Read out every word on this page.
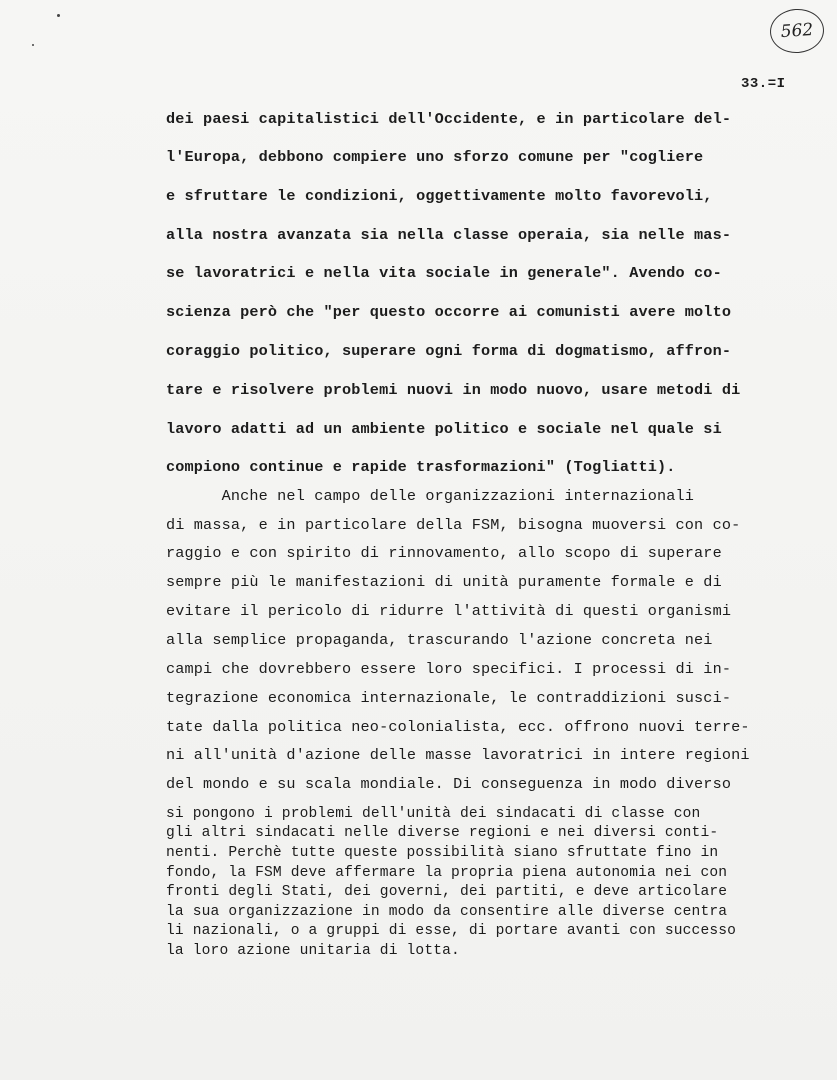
562
33.=I
dei paesi capitalistici dell'Occidente, e in particolare del-
l'Europa, debbono compiere uno sforzo comune per "cogliere
e sfruttare le condizioni, oggettivamente molto favorevoli,
alla nostra avanzata sia nella classe operaia, sia nelle mas-
se lavoratrici e nella vita sociale in generale". Avendo co-
scienza però che "per questo occorre ai comunisti avere molto
coraggio politico, superare ogni forma di dogmatismo, affron-
tare e risolvere problemi nuovi in modo nuovo, usare metodi di
lavoro adatti ad un ambiente politico e sociale nel quale si
compiono continue e rapide trasformazioni" (Togliatti).
Anche nel campo delle organizzazioni internazionali
di massa, e in particolare della FSM, bisogna muoversi con co-
raggio e con spirito di rinnovamento, allo scopo di superare
sempre più le manifestazioni di unità puramente formale e di
evitare il pericolo di ridurre l'attività di questi organismi
alla semplice propaganda, trascurando l'azione concreta nei
campi che dovrebbero essere loro specifici. I processi di in-
tegrazione economica internazionale, le contraddizioni susci-
tate dalla politica neo-colonialista, ecc. offrono nuovi terre-
ni all'unità d'azione delle masse lavoratrici in intere regioni
del mondo e su scala mondiale. Di conseguenza in modo diverso
si pongono i problemi dell'unità dei sindacati di classe con
gli altri sindacati nelle diverse regioni e nei diversi conti-
nenti. Perchè tutte queste possibilità siano sfruttate fino in
fondo, la FSM deve affermare la propria piena autonomia nei con
fronti degli Stati, dei governi, dei partiti, e deve articolare
la sua organizzazione in modo da consentire alle diverse centra
li nazionali, o a gruppi di esse, di portare avanti con successo
la loro azione unitaria di lotta.
